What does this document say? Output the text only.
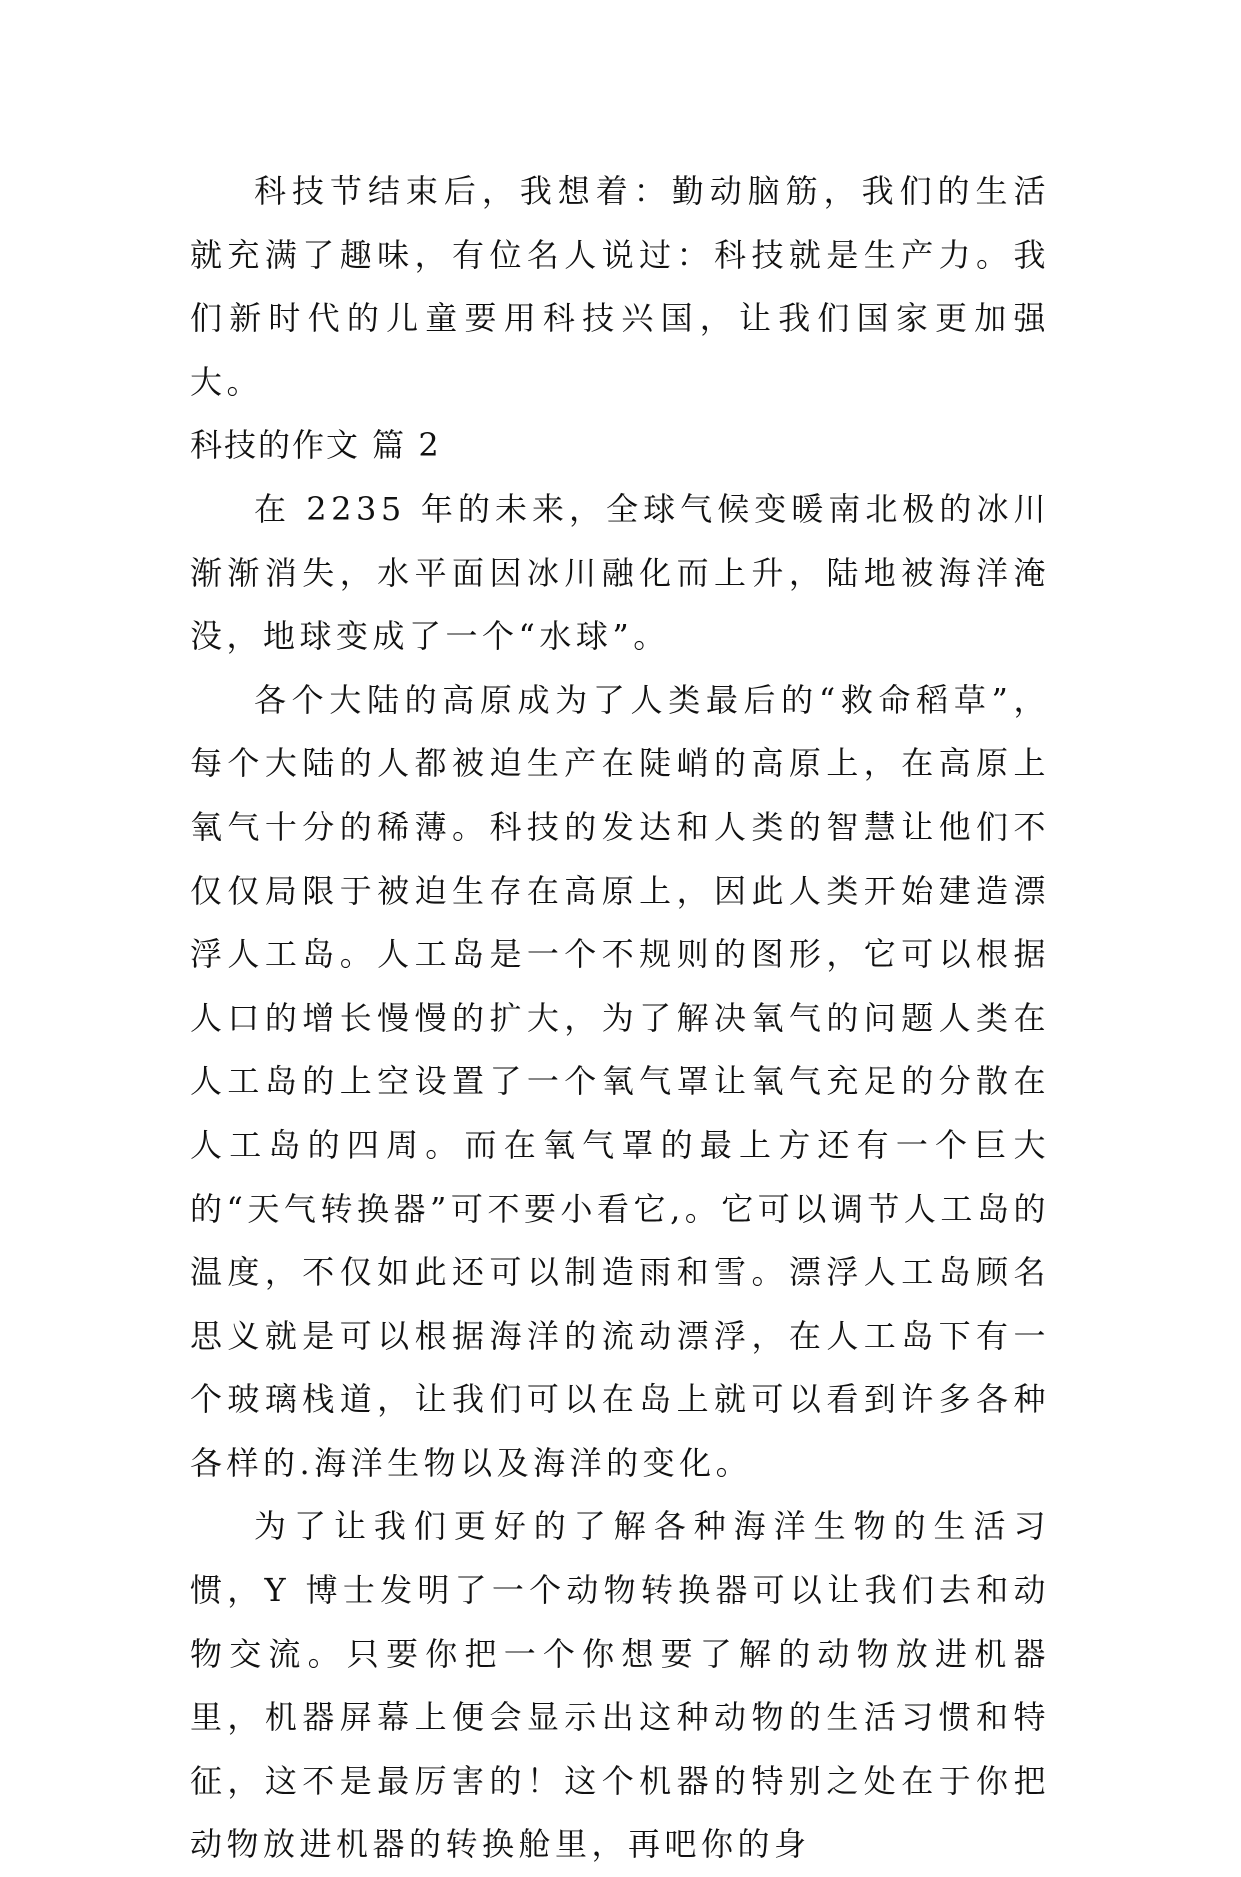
科技节结束后，我想着：勤动脑筋，我们的生活就充满了趣味，有位名人说过：科技就是生产力。我们新时代的儿童要用科技兴国，让我们国家更加强大。

科技的作文 篇 2

在 2235 年的未来，全球气候变暖南北极的冰川渐渐消失，水平面因冰川融化而上升，陆地被海洋淹没，地球变成了一个“水球”。

各个大陆的高原成为了人类最后的“救命稻草”，每个大陆的人都被迫生产在陡峭的高原上，在高原上氧气十分的稀薄。科技的发达和人类的智慧让他们不仅仅局限于被迫生存在高原上，因此人类开始建造漂浮人工岛。人工岛是一个不规则的图形，它可以根据人口的增长慢慢的扩大，为了解决氧气的问题人类在人工岛的上空设置了一个氧气罩让氧气充足的分散在人工岛的四周。而在氧气罩的最上方还有一个巨大的“天气转换器”可不要小看它,。它可以调节人工岛的温度，不仅如此还可以制造雨和雪。漂浮人工岛顾名思义就是可以根据海洋的流动漂浮，在人工岛下有一个玻璃栈道，让我们可以在岛上就可以看到许多各种各样的.海洋生物以及海洋的变化。

为了让我们更好的了解各种海洋生物的生活习惯，Y 博士发明了一个动物转换器可以让我们去和动物交流。只要你把一个你想要了解的动物放进机器里，机器屏幕上便会显示出这种动物的生活习惯和特征，这不是最厉害的！这个机器的特别之处在于你把动物放进机器的转换舱里，再吧你的身
